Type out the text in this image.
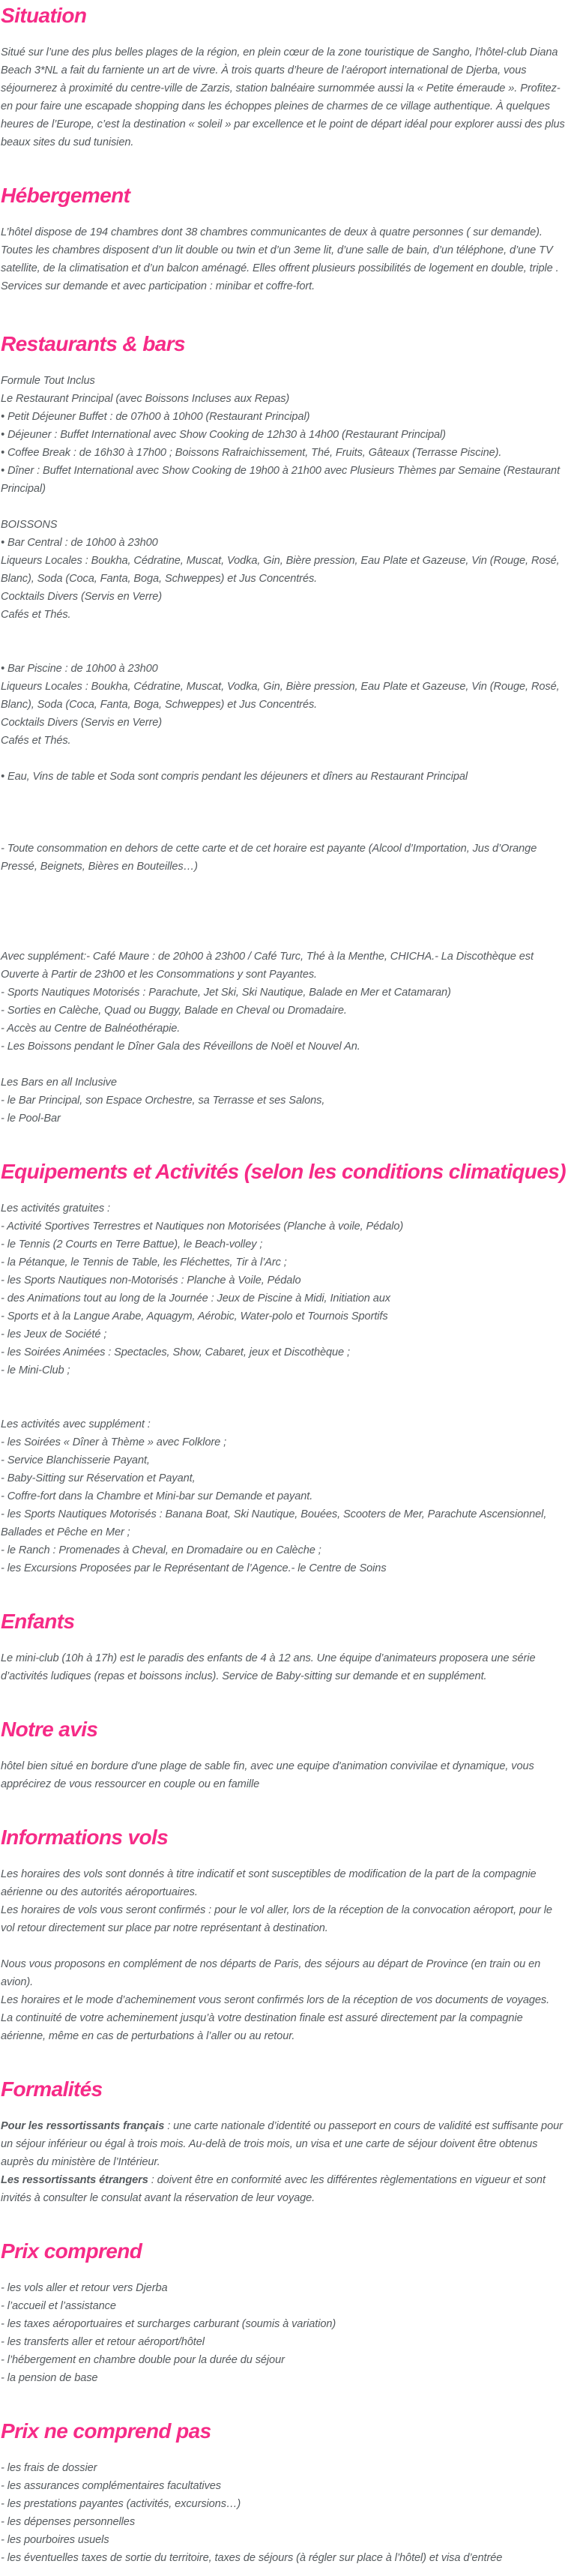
Situation

Situé sur l’une des plus belles plages de la région, en plein cœur de la zone touristique de Sangho, l’hôtel-club Diana Beach 3*NL a fait du farniente un art de vivre. À trois quarts d’heure de l’aéroport international de Djerba, vous séjournerez à proximité du centre-ville de Zarzis, station balnéaire surnommée aussi la « Petite émeraude ». Profitez-en pour faire une escapade shopping dans les échoppes pleines de charmes de ce village authentique. À quelques heures de l’Europe, c’est la destination « soleil » par excellence et le point de départ idéal pour explorer aussi des plus beaux sites du sud tunisien.

Hébergement

L’hôtel dispose de 194 chambres dont 38 chambres communicantes de deux à quatre personnes ( sur demande). Toutes les chambres disposent d’un lit double ou twin et d’un 3eme lit, d’une salle de bain, d’un téléphone, d’une TV satellite, de la climatisation et d’un balcon aménagé. Elles offrent plusieurs possibilités de logement en double, triple . Services sur demande et avec participation : minibar et coffre-fort.

Restaurants & bars

Formule Tout Inclus

Le Restaurant Principal (avec Boissons Incluses aux Repas)

• Petit Déjeuner Buffet : de 07h00 à 10h00 (Restaurant Principal)

• Déjeuner : Buffet International avec Show Cooking de 12h30 à 14h00 (Restaurant Principal)

• Coffee Break : de 16h30 à 17h00 ; Boissons Rafraichissement, Thé, Fruits, Gâteaux (Terrasse Piscine).

• Dîner : Buffet International avec Show Cooking de 19h00 à 21h00 avec Plusieurs Thèmes par Semaine (Restaurant Principal)

BOISSONS

• Bar Central : de 10h00 à 23h00

Liqueurs Locales : Boukha, Cédratine, Muscat, Vodka, Gin, Bière pression, Eau Plate et Gazeuse, Vin (Rouge, Rosé, Blanc), Soda (Coca, Fanta, Boga, Schweppes) et Jus Concentrés.

Cocktails Divers (Servis en Verre)

Cafés et Thés.

• Bar Piscine : de 10h00 à 23h00

Liqueurs Locales : Boukha, Cédratine, Muscat, Vodka, Gin, Bière pression, Eau Plate et Gazeuse, Vin (Rouge, Rosé, Blanc), Soda (Coca, Fanta, Boga, Schweppes) et Jus Concentrés.

Cocktails Divers (Servis en Verre)

Cafés et Thés.

• Eau, Vins de table et Soda sont compris pendant les déjeuners et dîners au Restaurant Principal

- Toute consommation en dehors de cette carte et de cet horaire est payante (Alcool d’Importation, Jus d’Orange Pressé, Beignets, Bières en Bouteilles…)

Avec supplément:- Café Maure : de 20h00 à 23h00 / Café Turc, Thé à la Menthe, CHICHA.- La Discothèque est Ouverte à Partir de 23h00 et les Consommations y sont Payantes.

- Sports Nautiques Motorisés : Parachute, Jet Ski, Ski Nautique, Balade en Mer et Catamaran)

- Sorties en Calèche, Quad ou Buggy, Balade en Cheval ou Dromadaire.

- Accès au Centre de Balnéothérapie.

- Les Boissons pendant le Dîner Gala des Réveillons de Noël et Nouvel An.

Les Bars en all Inclusive

- le Bar Principal, son Espace Orchestre, sa Terrasse et ses Salons,

- le Pool-Bar

Equipements et Activités (selon les conditions climatiques)

Les activités gratuites :

- Activité Sportives Terrestres et Nautiques non Motorisées (Planche à voile, Pédalo)

- le Tennis (2 Courts en Terre Battue), le Beach-volley ;

- la Pétanque, le Tennis de Table, les Fléchettes, Tir à l’Arc ;

- les Sports Nautiques non-Motorisés : Planche à Voile, Pédalo

- des Animations tout au long de la Journée : Jeux de Piscine à Midi, Initiation aux

- Sports et à la Langue Arabe, Aquagym, Aérobic, Water-polo et Tournois Sportifs

- les Jeux de Société ;

- les Soirées Animées : Spectacles, Show, Cabaret, jeux et Discothèque ;

- le Mini-Club ;

Les activités avec supplément :

- les Soirées « Dîner à Thème » avec Folklore ;

- Service Blanchisserie Payant,

- Baby-Sitting sur Réservation et Payant,

- Coffre-fort dans la Chambre et Mini-bar sur Demande et payant.

- les Sports Nautiques Motorisés : Banana Boat, Ski Nautique, Bouées, Scooters de Mer, Parachute Ascensionnel, Ballades et Pêche en Mer ;

- le Ranch : Promenades à Cheval, en Dromadaire ou en Calèche ;

- les Excursions Proposées par le Représentant de l’Agence.- le Centre de Soins

Enfants

Le mini-club (10h à 17h) est le paradis des enfants de 4 à 12 ans. Une équipe d’animateurs proposera une série d’activités ludiques (repas et boissons inclus). Service de Baby-sitting sur demande et en supplément.

Notre avis

hôtel bien situé en bordure d'une plage de sable fin, avec une equipe d'animation convivilae et dynamique, vous apprécirez de vous ressourcer en couple ou en famille

Informations vols

Les horaires des vols sont donnés à titre indicatif et sont susceptibles de modification de la part de la compagnie aérienne ou des autorités aéroportuaires.

Les horaires de vols vous seront confirmés : pour le vol aller, lors de la réception de la convocation aéroport, pour le vol retour directement sur place par notre représentant à destination.

Nous vous proposons en complément de nos départs de Paris, des séjours au départ de Province (en train ou en avion).

Les horaires et le mode d’acheminement vous seront confirmés lors de la réception de vos documents de voyages.

La continuité de votre acheminement jusqu’à votre destination finale est assuré directement par la compagnie aérienne, même en cas de perturbations à l’aller ou au retour.

Formalités

Pour les ressortissants français : une carte nationale d’identité ou passeport en cours de validité est suffisante pour un séjour inférieur ou égal à trois mois. Au-delà de trois mois, un visa et une carte de séjour doivent être obtenus auprès du ministère de l’Intérieur.

Les ressortissants étrangers : doivent être en conformité avec les différentes règlementations en vigueur et sont invités à consulter le consulat avant la réservation de leur voyage.

Prix comprend

- les vols aller et retour vers Djerba

- l’accueil et l’assistance

- les taxes aéroportuaires et surcharges carburant (soumis à variation)

- les transferts aller et retour aéroport/hôtel

- l’hébergement en chambre double pour la durée du séjour

- la pension de base

Prix ne comprend pas

- les frais de dossier

- les assurances complémentaires facultatives

- les prestations payantes (activités, excursions…)

- les dépenses personnelles

- les pourboires usuels

- les éventuelles taxes de sortie du territoire, taxes de séjours (à régler sur place à l’hôtel) et visa d’entrée
